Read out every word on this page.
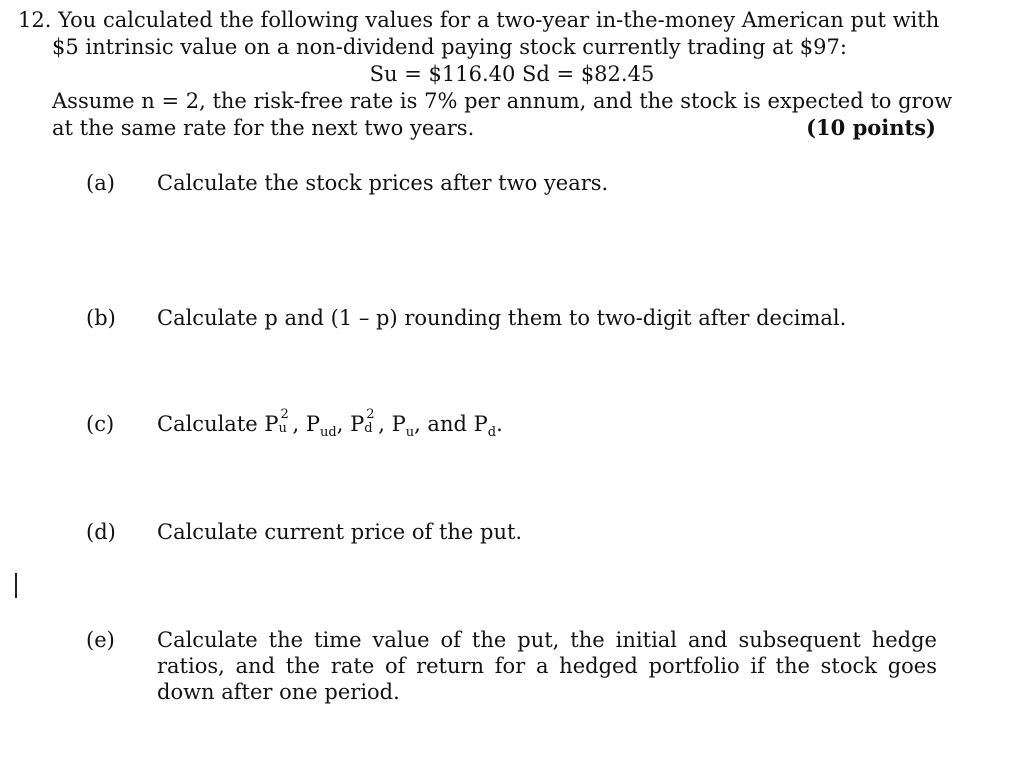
12. You calculated the following values for a two-year in-the-money American put with
$5 intrinsic value on a non-dividend paying stock currently trading at $97:
Su = $116.40 Sd = $82.45
Assume n = 2, the risk-free rate is 7% per annum, and the stock is expected to grow
at the same rate for the next two years.	(10 points)
(a) Calculate the stock prices after two years.
(b) Calculate p and (1 – p) rounding them to two-digit after decimal.
(c) Calculate P 2
u , $P_{ud}$, P 2
d , $P_u$, and $P_d$.
(d) Calculate current price of the put.
(e) Calculate the time value of the put, the initial and subsequent hedge ratios, and the rate of return for a hedged portfolio if the stock goes down after one period.
